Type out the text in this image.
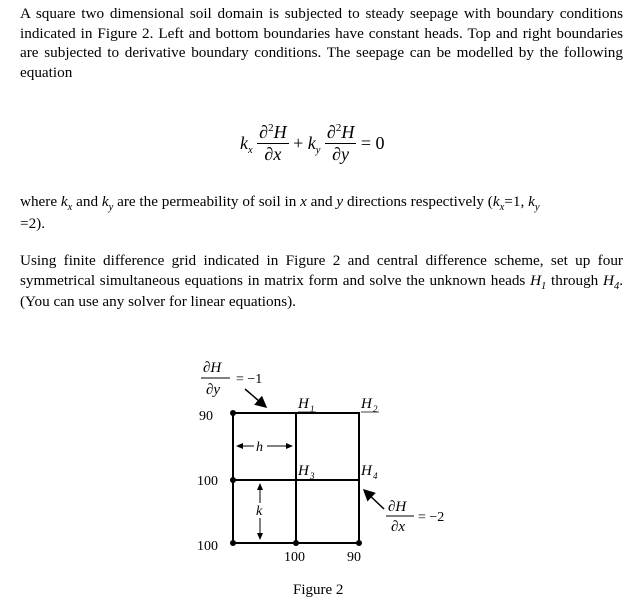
A square two dimensional soil domain is subjected to steady seepage with boundary conditions indicated in Figure 2. Left and bottom boundaries have constant heads. Top and right boundaries are subjected to derivative boundary conditions. The seepage can be modelled by the following equation

$k_x \frac{\partial^2H}{\partial x} + k_y \frac{\partial^2H}{\partial y} = 0$

where $k_x$ and $k_y$ are the permeability of soil in x and y directions respectively ($k_x=1$, $k_y$
=2).

Using finite difference grid indicated in Figure 2 and central difference scheme, set up four symmetrical simultaneous equations in matrix form and solve the unknown heads $H_1$ through $H_4$. (You can use any solver for linear equations).

∂H
∂y
= −1
∂H
∂x
= −2
90
100
100
100	90
H 1	H 2
H 3	H 4
h
k
Figure 2
